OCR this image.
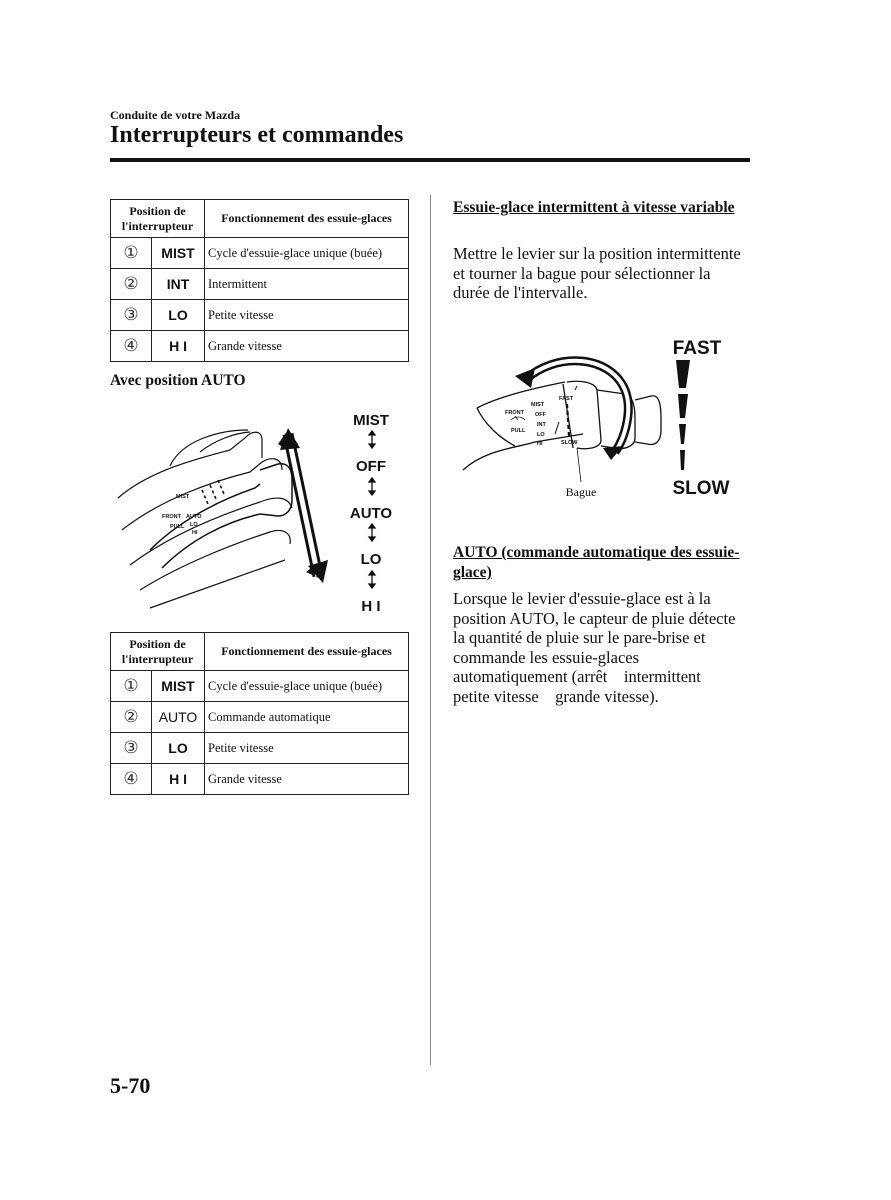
Conduite de votre Mazda
Interrupteurs et commandes
Position de l'interrupteur		Fonctionnement des essuie-glaces
①	MIST	Cycle d'essuie-glace unique (buée)
②	INT	Intermittent
③	LO	Petite vitesse
④	H I	Grande vitesse
Avec position AUTO
MIST
FRONT AUTO
PULL LO
HI
MIST
OFF
AUTO
LO
H I
Position de l'interrupteur		Fonctionnement des essuie-glaces
①	MIST	Cycle d'essuie-glace unique (buée)
②	AUTO	Commande automatique
③	LO	Petite vitesse
④	H I	Grande vitesse
Essuie-glace intermittent à vitesse variable
Mettre le levier sur la position intermittente et tourner la bague pour sélectionner la durée de l'intervalle.
MIST
FRONT OFF
INT
PULL
LO
HI
FAST
SLOW
Bague
FAST
SLOW
AUTO (commande automatique des essuie-glace)
Lorsque le levier d'essuie-glace est à la position AUTO, le capteur de pluie détecte la quantité de pluie sur le pare-brise et commande les essuie-glaces automatiquement (arrêt    intermittent    petite vitesse    grande vitesse).
5-70
